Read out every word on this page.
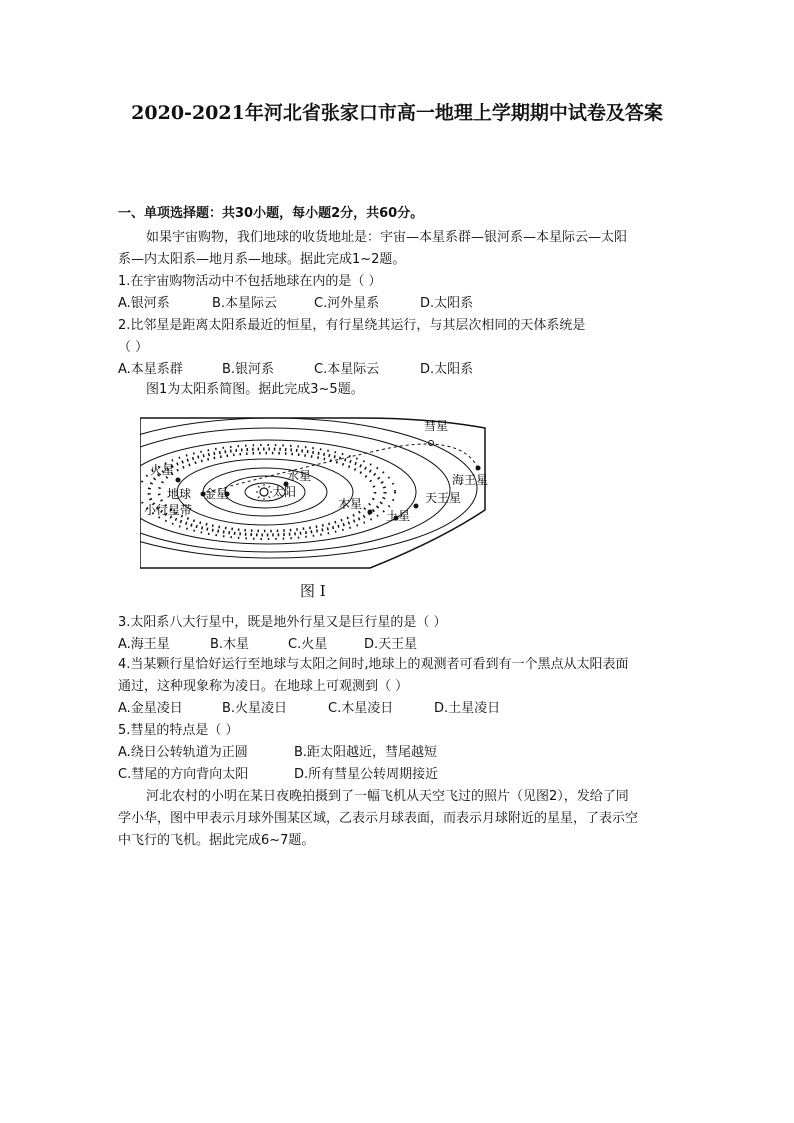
2020-2021年河北省张家口市高一地理上学期期中试卷及答案
一、单项选择题：共30小题，每小题2分，共60分。
如果宇宙购物，我们地球的收货地址是：宇宙—本星系群—银河系—本星际云—太阳
系—内太阳系—地月系—地球。据此完成1~2题。
1.在宇宙购物活动中不包括地球在内的是（ ）
A.银河系	B.本星际云	C.河外星系	D.太阳系
2.比邻星是距离太阳系最近的恒星，有行星绕其运行，与其层次相同的天体系统是
（ ）
A.本星系群	B.银河系	C.本星际云	D.太阳系
图1为太阳系简图。据此完成3~5题。
彗星
火星	水星
地球 金星	太阳
海王星
小行星带	木星	天王星
土星
图 I
3.太阳系八大行星中，既是地外行星又是巨行星的是（ ）
A.海王星	B.木星	C.火星	D.天王星
4.当某颗行星恰好运行至地球与太阳之间时,地球上的观测者可看到有一个黑点从太阳表面
通过，这种现象称为凌日。在地球上可观测到（ ）
A.金星凌日	B.火星凌日	C.木星凌日	D.土星凌日
5.彗星的特点是（ ）
A.绕日公转轨道为正圆	B.距太阳越近，彗尾越短
C.彗尾的方向背向太阳	D.所有彗星公转周期接近
河北农村的小明在某日夜晚拍摄到了一幅飞机从天空飞过的照片（见图2），发给了同
学小华，图中甲表示月球外围某区域，乙表示月球表面，而表示月球附近的星星，了表示空
中飞行的飞机。据此完成6~7题。
